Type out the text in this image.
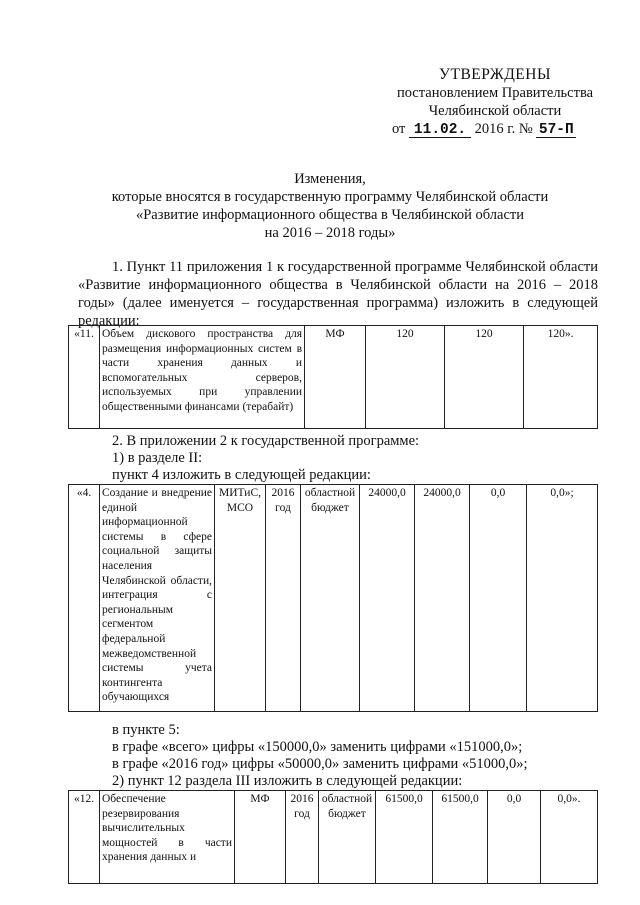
УТВЕРЖДЕНЫ
постановлением Правительства
Челябинской области
от 11.02. 2016 г. № 57-П
Изменения,
которые вносятся в государственную программу Челябинской области
«Развитие информационного общества в Челябинской области
на 2016 – 2018 годы»
1. Пункт 11 приложения 1 к государственной программе Челябинской области «Развитие информационного общества в Челябинской области на 2016 – 2018 годы» (далее именуется – государственная программа) изложить в следующей редакции:
«11.	Объем дискового пространства для размещения информационных систем в части хранения данных и вспомогательных серверов, используемых при управлении общественными финансами (терабайт)	МФ	120	120	120».
2. В приложении 2 к государственной программе:
1) в разделе II:
пункт 4 изложить в следующей редакции:
«4.	Создание и внедрение единой информационной системы в сфере социальной защиты населения Челябинской области, интеграция с региональным сегментом федеральной межведомственной системы учета контингента обучающихся	МИТиС, МСО	2016 год	областной бюджет	24000,0	24000,0	0,0	0,0»;
в пункте 5:
в графе «всего» цифры «150000,0» заменить цифрами «151000,0»;
в графе «2016 год» цифры «50000,0» заменить цифрами «51000,0»;
2) пункт 12 раздела III изложить в следующей редакции:
«12.	Обеспечение резервирования вычислительных мощностей в части хранения данных и	МФ	2016 год	областной бюджет	61500,0	61500,0	0,0	0,0».
